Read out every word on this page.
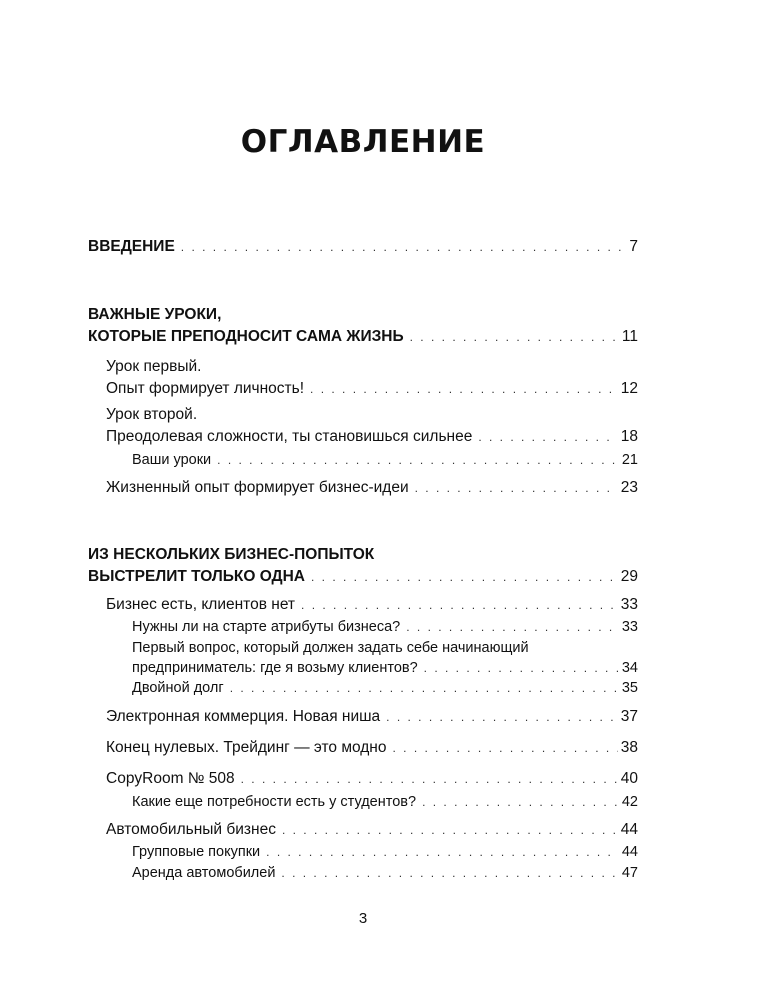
ОГЛАВЛЕНИЕ
ВВЕДЕНИЕ . . .	7
ВАЖНЫЕ УРОКИ,
КОТОРЫЕ ПРЕПОДНОСИТ САМА ЖИЗНЬ . . .	11
Урок первый.
Опыт формирует личность! . . .	12
Урок второй.
Преодолевая сложности, ты становишься сильнее . . .	18
Ваши уроки . . .	21
Жизненный опыт формирует бизнес-идеи . . .	23
ИЗ НЕСКОЛЬКИХ БИЗНЕС-ПОПЫТОК
ВЫСТРЕЛИТ ТОЛЬКО ОДНА . . .	29
Бизнес есть, клиентов нет . . .	33
Нужны ли на старте атрибуты бизнеса? . . .	33
Первый вопрос, который должен задать себе начинающий
предприниматель: где я возьму клиентов? . . .	34
Двойной долг . . .	35
Электронная коммерция. Новая ниша . . .	37
Конец нулевых. Трейдинг — это модно . . .	38
CopyRoom № 508 . . .	40
Какие еще потребности есть у студентов? . . .	42
Автомобильный бизнес . . .	44
Групповые покупки . . .	44
Аренда автомобилей . . .	47
3
